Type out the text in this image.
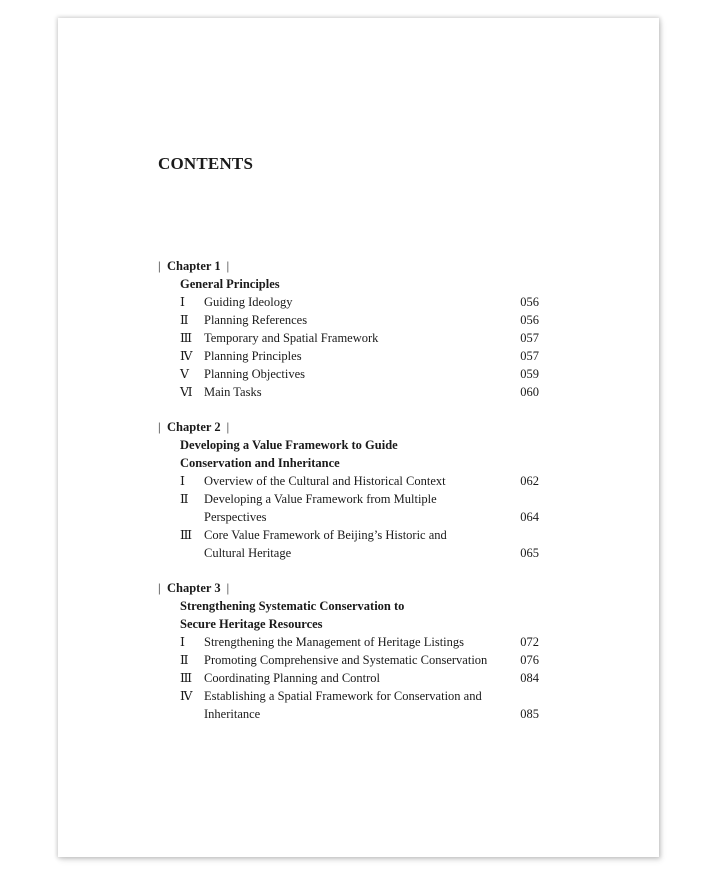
CONTENTS
| Chapter 1 |
General Principles
Ⅰ	Guiding Ideology	056
Ⅱ	Planning References	056
Ⅲ Temporary and Spatial Framework	057
Ⅳ Planning Principles	057
Ⅴ	Planning Objectives	059
Ⅵ Main Tasks	060
| Chapter 2 |
Developing a Value Framework to Guide
Conservation and Inheritance
Ⅰ	Overview of the Cultural and Historical Context	062
Ⅱ	Developing a Value Framework from Multiple Perspectives	064
Ⅲ Core Value Framework of Beijing’s Historic and
Cultural Heritage	065
| Chapter 3 |
Strengthening Systematic Conservation to
Secure Heritage Resources
Ⅰ	Strengthening the Management of Heritage Listings	072
Ⅱ	Promoting Comprehensive and Systematic Conservation	076
Ⅲ Coordinating Planning and Control	084
Ⅳ Establishing a Spatial Framework for Conservation and
Inheritance	085
